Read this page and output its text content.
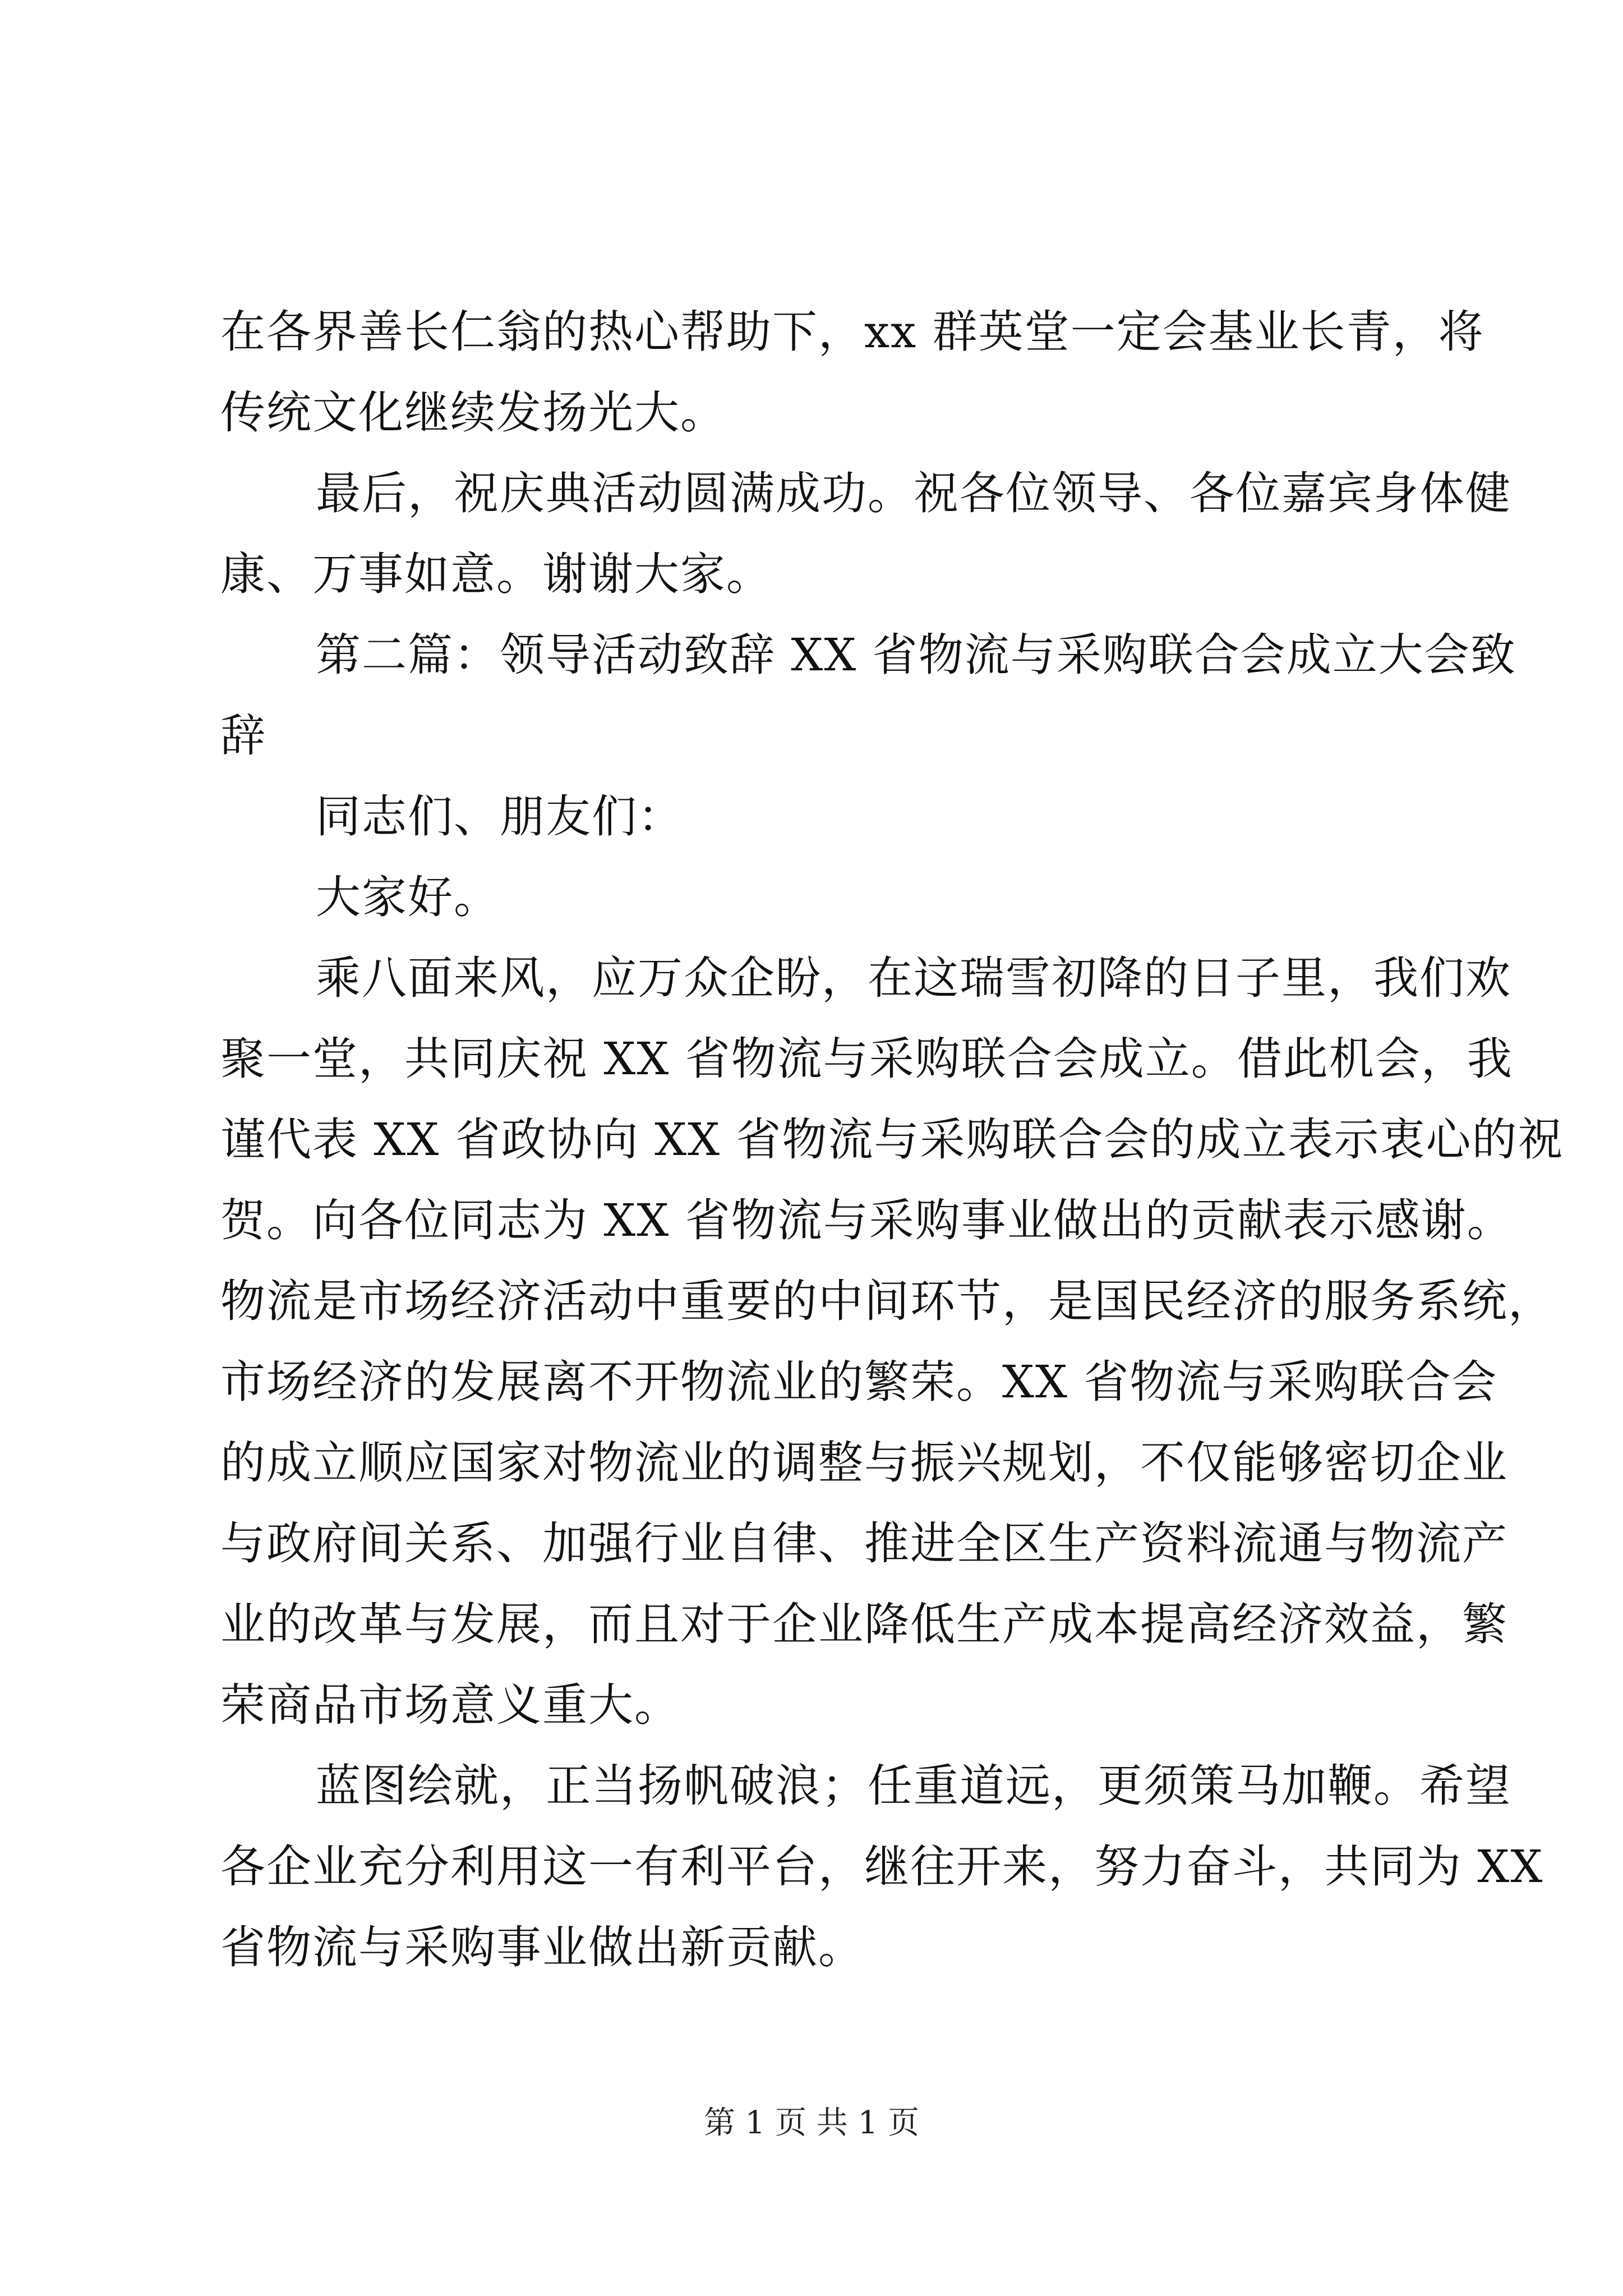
在各界善长仁翁的热心帮助下，xx 群英堂一定会基业长青，将
传统文化继续发扬光大。
最后，祝庆典活动圆满成功。祝各位领导、各位嘉宾身体健
康、万事如意。谢谢大家。
第二篇：领导活动致辞 XX 省物流与采购联合会成立大会致
辞
同志们、朋友们：
大家好。
乘八面来风，应万众企盼，在这瑞雪初降的日子里，我们欢
聚一堂，共同庆祝 XX 省物流与采购联合会成立。借此机会，我
谨代表 XX 省政协向 XX 省物流与采购联合会的成立表示衷心的祝
贺。向各位同志为 XX 省物流与采购事业做出的贡献表示感谢。
物流是市场经济活动中重要的中间环节，是国民经济的服务系统，
市场经济的发展离不开物流业的繁荣。XX 省物流与采购联合会
的成立顺应国家对物流业的调整与振兴规划，不仅能够密切企业
与政府间关系、加强行业自律、推进全区生产资料流通与物流产
业的改革与发展，而且对于企业降低生产成本提高经济效益，繁
荣商品市场意义重大。
蓝图绘就，正当扬帆破浪；任重道远，更须策马加鞭。希望
各企业充分利用这一有利平台，继往开来，努力奋斗，共同为 XX
省物流与采购事业做出新贡献。
第 1 页 共 1 页
